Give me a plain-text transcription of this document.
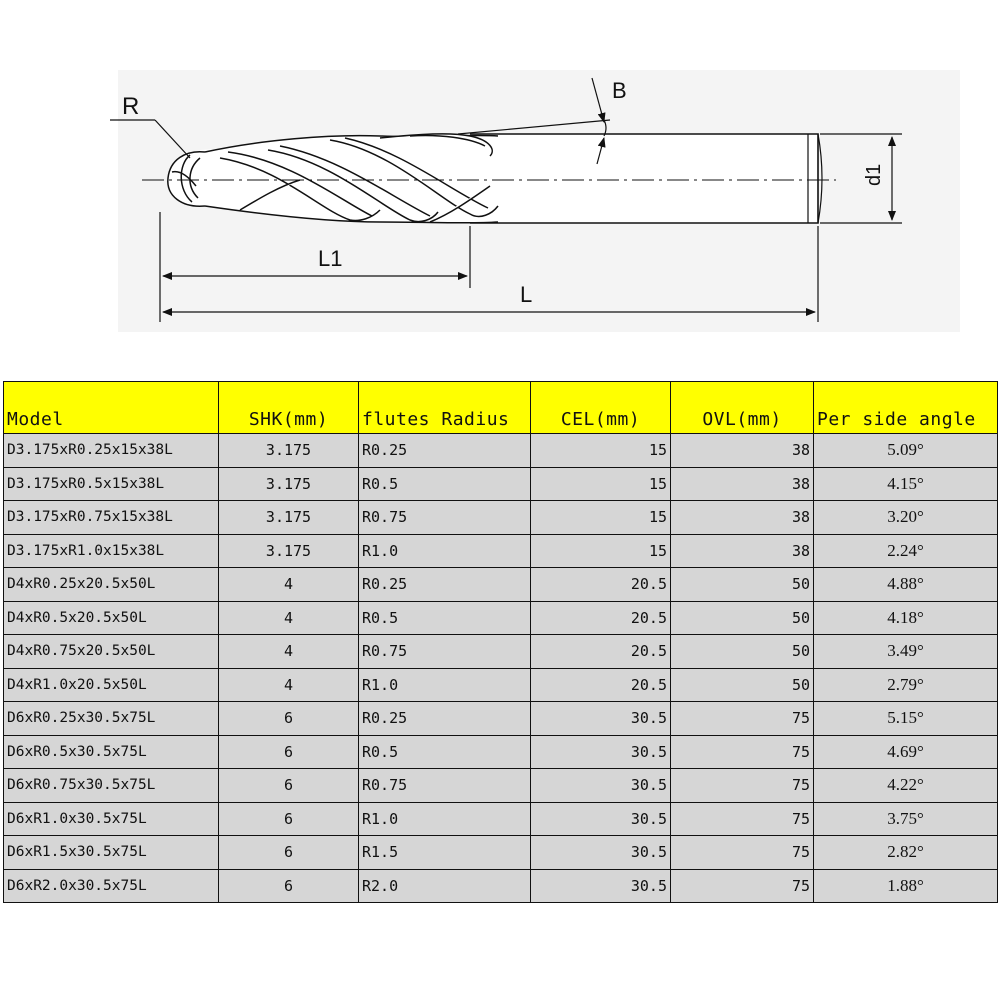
R
B
d1
L1
L
Model	SHK(mm)	flutes Radius	CEL(mm)	OVL(mm)	Per side angle
D3.175xR0.25x15x38L	3.175	R0.25	15	38	5.09°
D3.175xR0.5x15x38L	3.175	R0.5	15	38	4.15°
D3.175xR0.75x15x38L	3.175	R0.75	15	38	3.20°
D3.175xR1.0x15x38L	3.175	R1.0	15	38	2.24°
D4xR0.25x20.5x50L	4	R0.25	20.5	50	4.88°
D4xR0.5x20.5x50L	4	R0.5	20.5	50	4.18°
D4xR0.75x20.5x50L	4	R0.75	20.5	50	3.49°
D4xR1.0x20.5x50L	4	R1.0	20.5	50	2.79°
D6xR0.25x30.5x75L	6	R0.25	30.5	75	5.15°
D6xR0.5x30.5x75L	6	R0.5	30.5	75	4.69°
D6xR0.75x30.5x75L	6	R0.75	30.5	75	4.22°
D6xR1.0x30.5x75L	6	R1.0	30.5	75	3.75°
D6xR1.5x30.5x75L	6	R1.5	30.5	75	2.82°
D6xR2.0x30.5x75L	6	R2.0	30.5	75	1.88°
